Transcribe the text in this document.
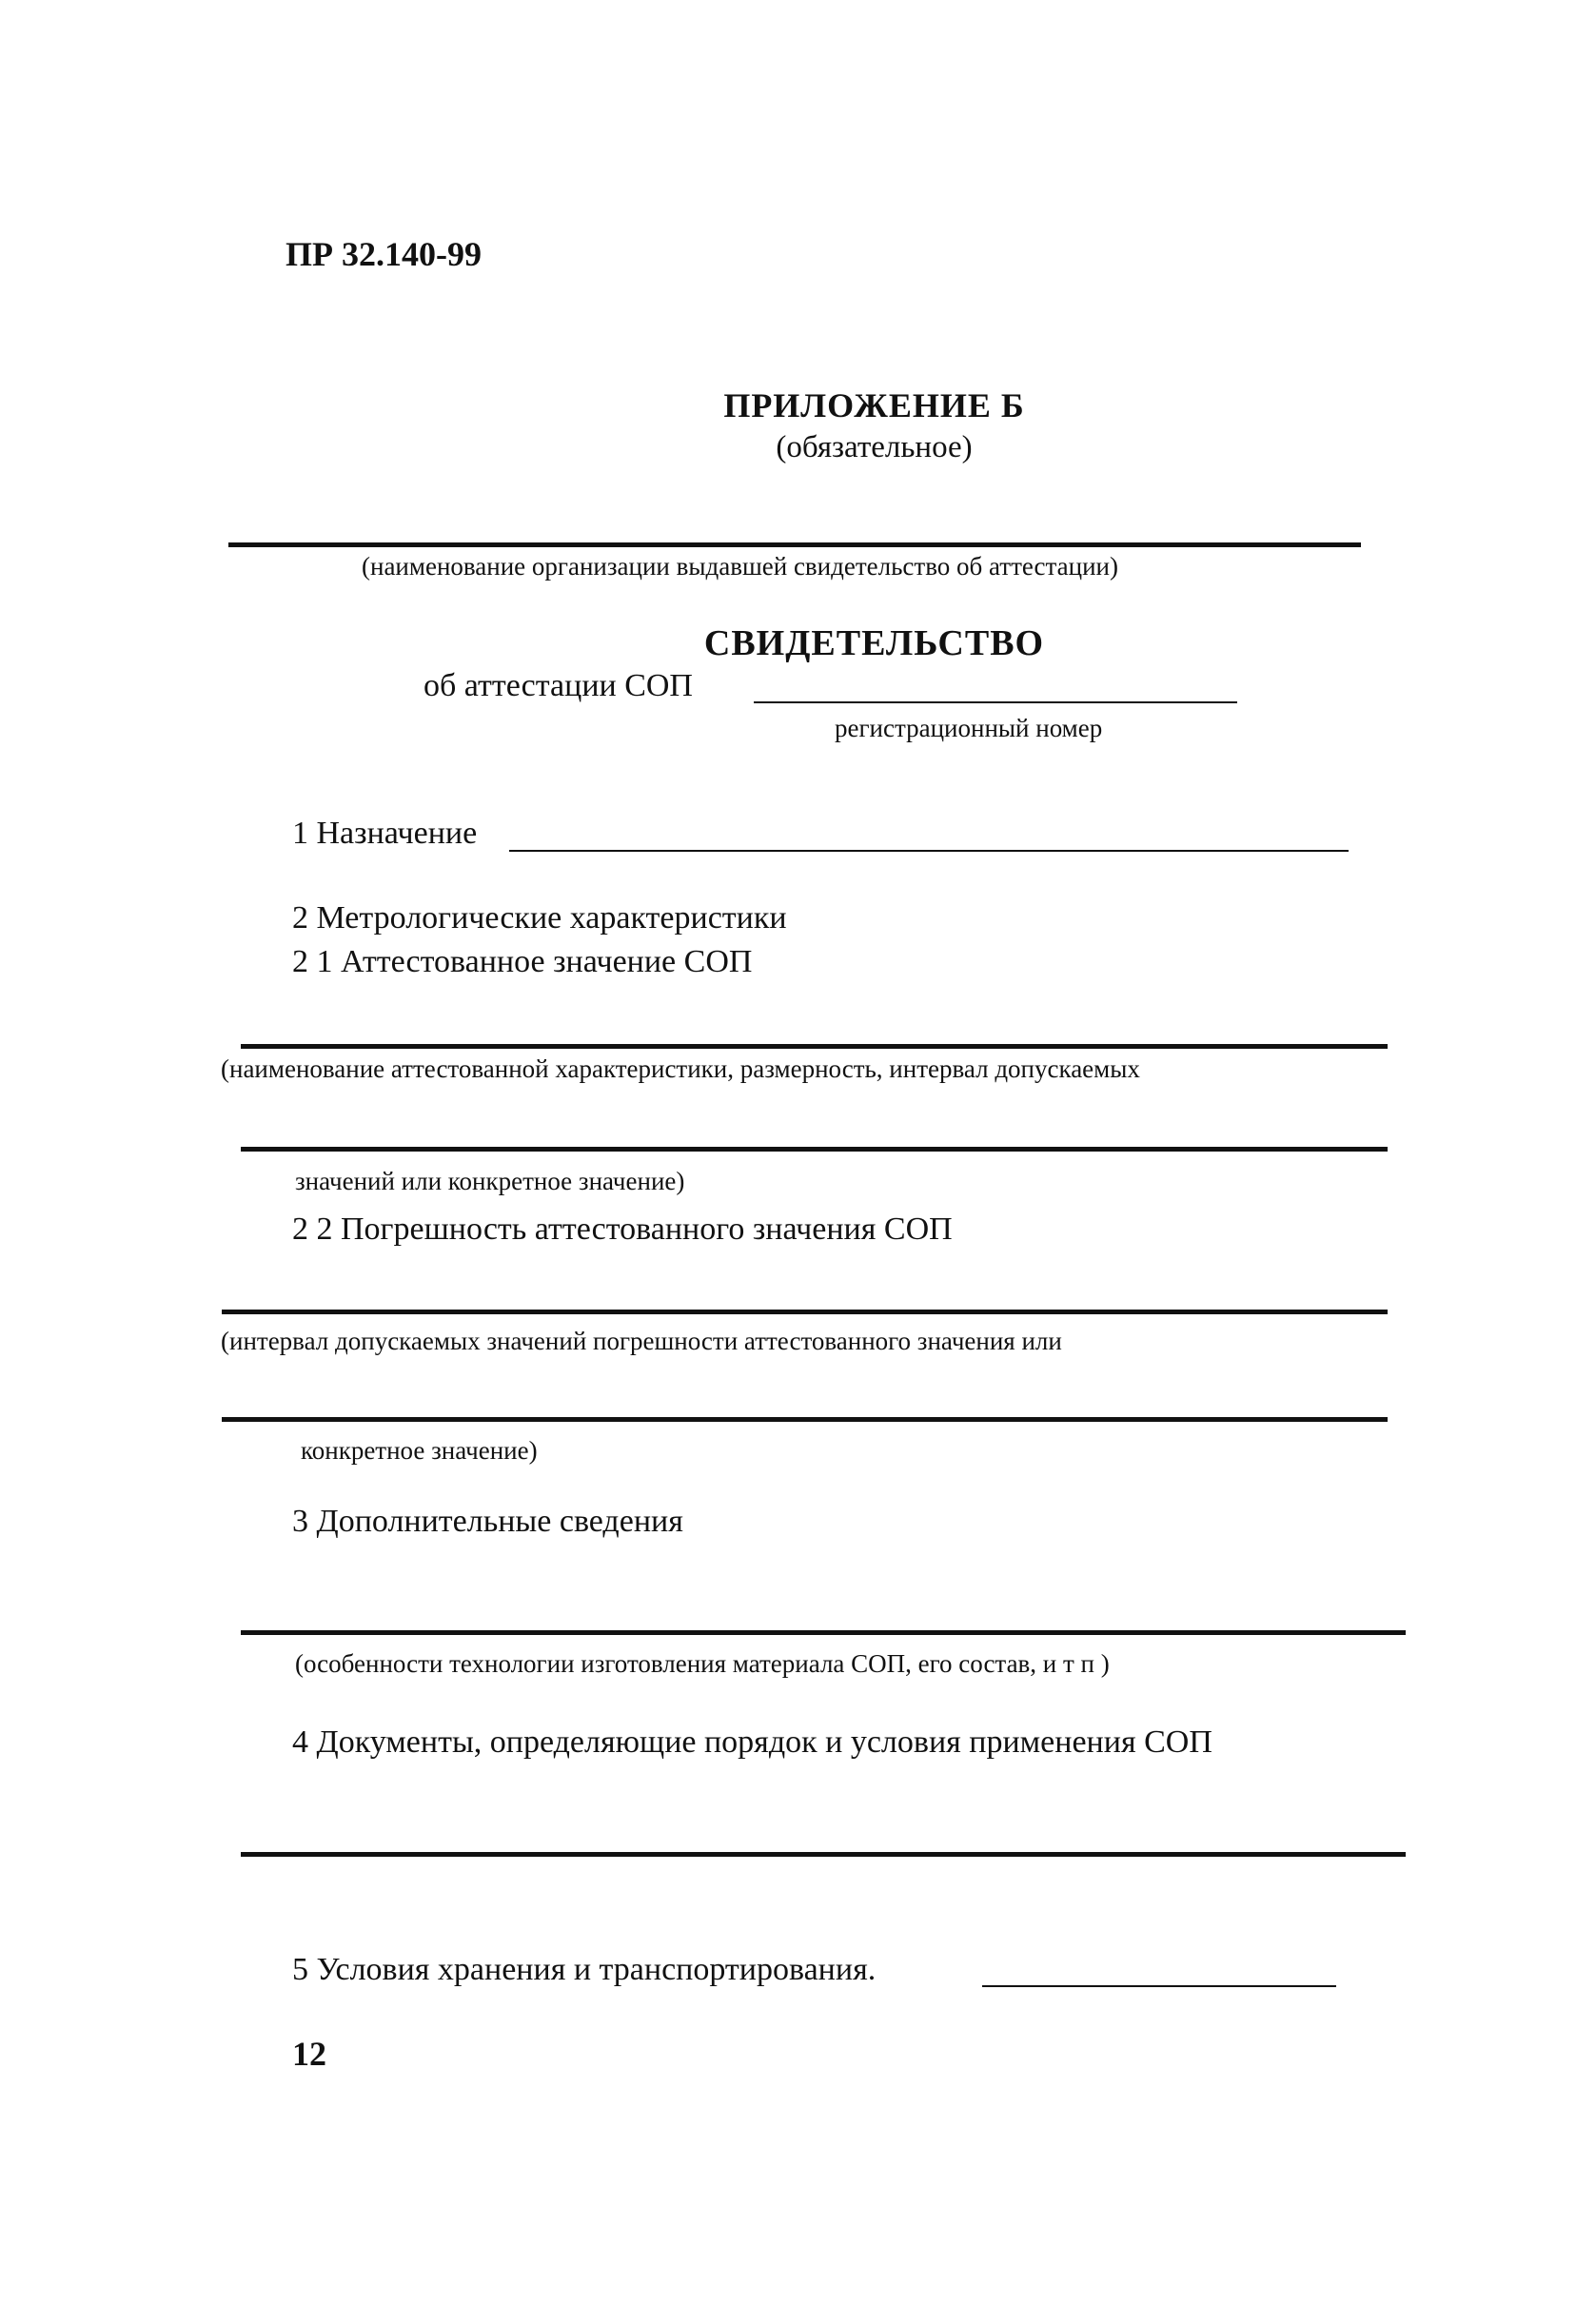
ПР 32.140-99
ПРИЛОЖЕНИЕ Б
(обязательное)
(наименование организации выдавшей свидетельство об аттестации)
СВИДЕТЕЛЬСТВО
об аттестации СОП
регистрационный номер
1 Назначение
2 Метрологические характеристики
2 1 Аттестованное значение СОП
(наименование аттестованной характеристики, размерность, интервал допускаемых
значений или конкретное значение)
2 2 Погрешность аттестованного значения СОП
(интервал допускаемых значений погрешности аттестованного значения или
конкретное значение)
3 Дополнительные сведения
(особенности технологии изготовления материала СОП, его состав, и т п )
4 Документы, определяющие порядок и условия применения СОП
5 Условия хранения и транспортирования.
12
